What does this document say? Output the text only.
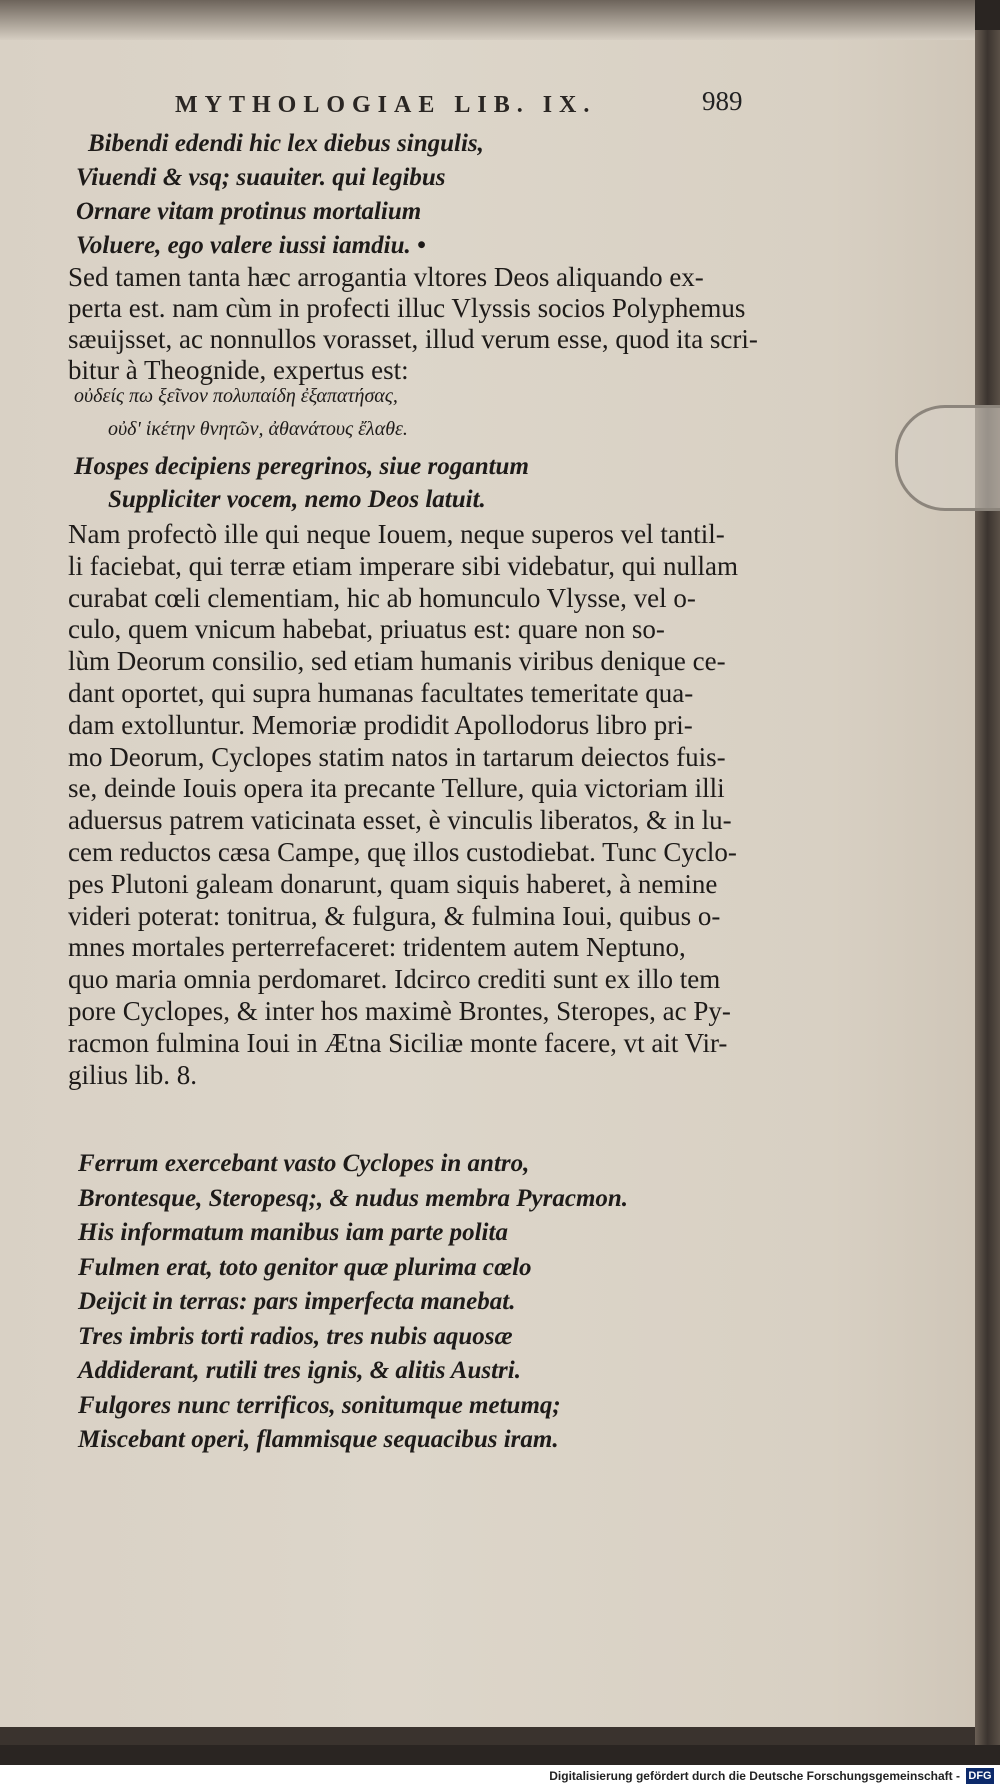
MYTHOLOGIAE LIB. IX.	989
Bibendi edendi hic lex diebus singulis,
Viuendi & vsq; suauiter. qui legibus
Ornare vitam protinus mortalium
Voluere, ego valere iussi iamdiu. •
Sed tamen tanta hæc arrogantia vltores Deos aliquando ex-
perta est. nam cùm in profecti illuc Vlyssis socios Polyphemus
sæuijsset, ac nonnullos vorasset, illud verum esse, quod ita scri-
bitur à Theognide, expertus est:
οὐδείς πω ξεῖνον πολυπαίδη ἐξαπατήσας,
οὐδ' ἱκέτην θνητῶν, ἀθανάτους ἔλαθε.
Hospes decipiens peregrinos, siue rogantum
Suppliciter vocem, nemo Deos latuit.
Nam profectò ille qui neque Iouem, neque superos vel tantil-
li faciebat, qui terræ etiam imperare sibi videbatur, qui nullam
curabat cœli clementiam, hic ab homunculo Vlysse, vel o-
culo, quem vnicum habebat, priuatus est: quare non so-
lùm Deorum consilio, sed etiam humanis viribus denique ce-
dant oportet, qui supra humanas facultates temeritate qua-
dam extolluntur. Memoriæ prodidit Apollodorus libro pri-
mo Deorum, Cyclopes statim natos in tartarum deiectos fuis-
se, deinde Iouis opera ita precante Tellure, quia victoriam illi
aduersus patrem vaticinata esset, è vinculis liberatos, & in lu-
cem reductos cæsa Campe, quę illos custodiebat. Tunc Cyclo-
pes Plutoni galeam donarunt, quam siquis haberet, à nemine
videri poterat: tonitrua, & fulgura, & fulmina Ioui, quibus o-
mnes mortales perterrefaceret: tridentem autem Neptuno,
quo maria omnia perdomaret. Idcirco crediti sunt ex illo tem
pore Cyclopes, & inter hos maximè Brontes, Steropes, ac Py-
racmon fulmina Ioui in Ætna Siciliæ monte facere, vt ait Vir-
gilius lib. 8.
Ferrum exercebant vasto Cyclopes in antro,
Brontesque, Steropesq;, & nudus membra Pyracmon.
His informatum manibus iam parte polita
Fulmen erat, toto genitor quæ plurima cœlo
Deijcit in terras: pars imperfecta manebat.
Tres imbris torti radios, tres nubis aquosæ
Addiderant, rutili tres ignis, & alitis Austri.
Fulgores nunc terrificos, sonitumque metumq;
Miscebant operi, flammisque sequacibus iram.
Digitalisierung gefördert durch die Deutsche Forschungsgemeinschaft - DFG
